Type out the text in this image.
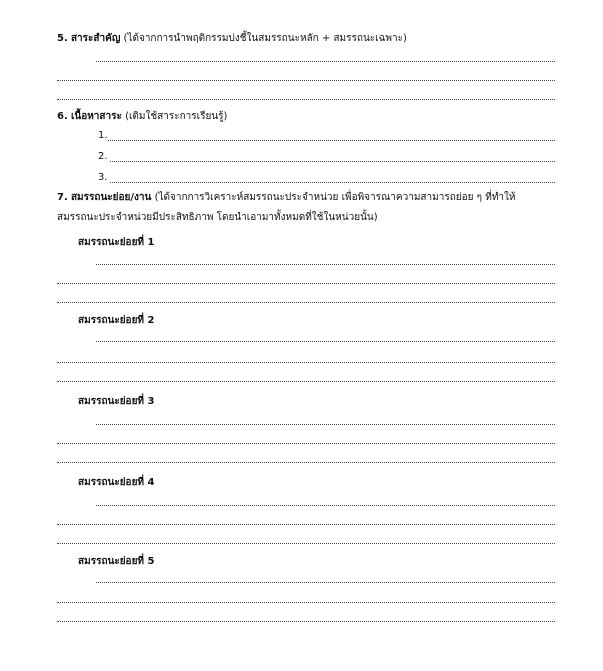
5. สาระสำคัญ (ได้จากการนำพฤติกรรมบ่งชี้ในสมรรถนะหลัก + สมรรถนะเฉพาะ)
6. เนื้อหาสาระ (เติมใช้สาระการเรียนรู้)
1.
2.
3.
7. สมรรถนะย่อย/งาน (ได้จากการวิเคราะห์สมรรถนะประจำหน่วย เพื่อพิจารณาความสามารถย่อย ๆ ที่ทำให้
สมรรถนะประจำหน่วยมีประสิทธิภาพ โดยนำเอามาทั้งหมดที่ใช้ในหน่วยนั้น)
สมรรถนะย่อยที่ 1
สมรรถนะย่อยที่ 2
สมรรถนะย่อยที่ 3
สมรรถนะย่อยที่ 4
สมรรถนะย่อยที่ 5
